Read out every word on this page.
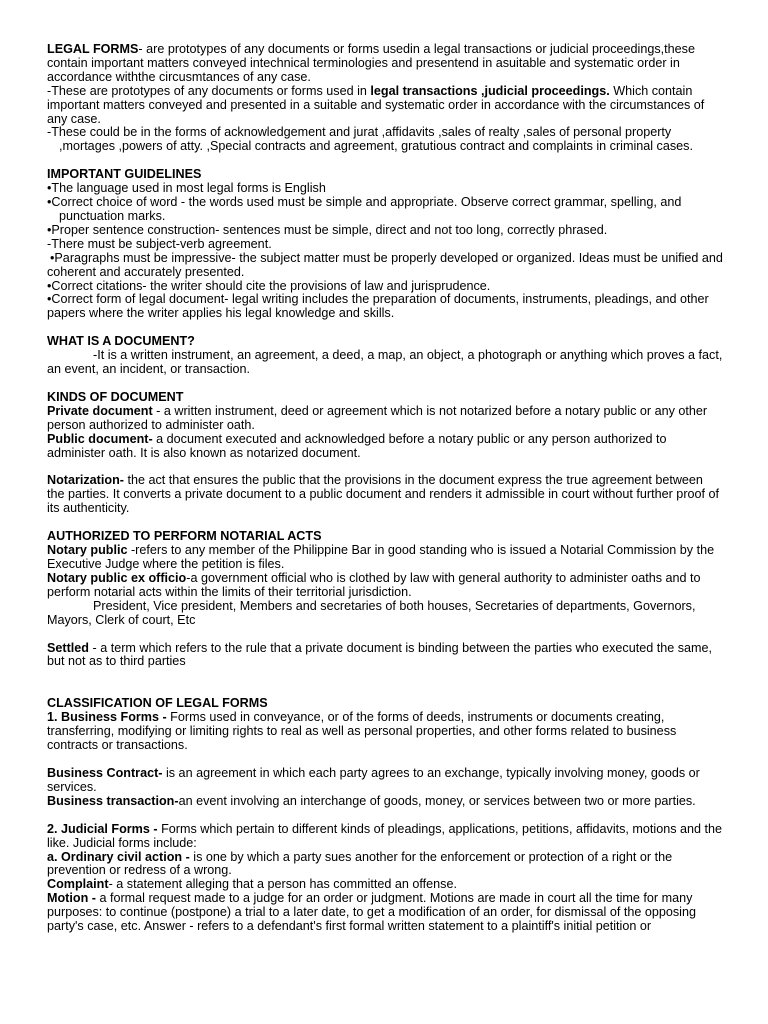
LEGAL FORMS- are prototypes of any documents or forms usedin a legal transactions or judicial proceedings,these contain important matters conveyed intechnical terminologies and presentend in asuitable and systematic order in accordance withthe circusmtances of any case.

-These are prototypes of any documents or forms used in legal transactions ,judicial proceedings. Which contain important matters conveyed and presented in a suitable and systematic order in accordance with the circumstances of any case.

-These could be in the forms of acknowledgement and jurat ,affidavits ,sales of realty ,sales of personal property ,mortages ,powers of atty. ,Special contracts and agreement, gratutious contract and complaints in criminal cases.

IMPORTANT GUIDELINES

•The language used in most legal forms is English

•Correct choice of word - the words used must be simple and appropriate. Observe correct grammar, spelling, and punctuation marks.

•Proper sentence construction- sentences must be simple, direct and not too long, correctly phrased.

-There must be subject-verb agreement.

•Paragraphs must be impressive- the subject matter must be properly developed or organized. Ideas must be unified and coherent and accurately presented.

•Correct citations- the writer should cite the provisions of law and jurisprudence.

•Correct form of legal document- legal writing includes the preparation of documents, instruments, pleadings, and other papers where the writer applies his legal knowledge and skills.

WHAT IS A DOCUMENT?

-It is a written instrument, an agreement, a deed, a map, an object, a photograph or anything which proves a fact, an event, an incident, or transaction.

KINDS OF DOCUMENT

Private document - a written instrument, deed or agreement which is not notarized before a notary public or any other person authorized to administer oath.

Public document- a document executed and acknowledged before a notary public or any person authorized to administer oath. It is also known as notarized document.

Notarization- the act that ensures the public that the provisions in the document express the true agreement between the parties. It converts a private document to a public document and renders it admissible in court without further proof of its authenticity.

AUTHORIZED TO PERFORM NOTARIAL ACTS

Notary public -refers to any member of the Philippine Bar in good standing who is issued a Notarial Commission by the Executive Judge where the petition is files.

Notary public ex officio-a government official who is clothed by law with general authority to administer oaths and to perform notarial acts within the limits of their territorial jurisdiction.

President, Vice president, Members and secretaries of both houses, Secretaries of departments, Governors, Mayors, Clerk of court, Etc

Settled - a term which refers to the rule that a private document is binding between the parties who executed the same, but not as to third parties

CLASSIFICATION OF LEGAL FORMS

1. Business Forms - Forms used in conveyance, or of the forms of deeds, instruments or documents creating, transferring, modifying or limiting rights to real as well as personal properties, and other forms related to business contracts or transactions.

Business Contract- is an agreement in which each party agrees to an exchange, typically involving money, goods or services.

Business transaction-an event involving an interchange of goods, money, or services between two or more parties.

2. Judicial Forms - Forms which pertain to different kinds of pleadings, applications, petitions, affidavits, motions and the like. Judicial forms include:

a. Ordinary civil action - is one by which a party sues another for the enforcement or protection of a right or the prevention or redress of a wrong.

Complaint- a statement alleging that a person has committed an offense.

Motion - a formal request made to a judge for an order or judgment. Motions are made in court all the time for many purposes: to continue (postpone) a trial to a later date, to get a modification of an order, for dismissal of the opposing party's case, etc. Answer - refers to a defendant's first formal written statement to a plaintiff's initial petition or
